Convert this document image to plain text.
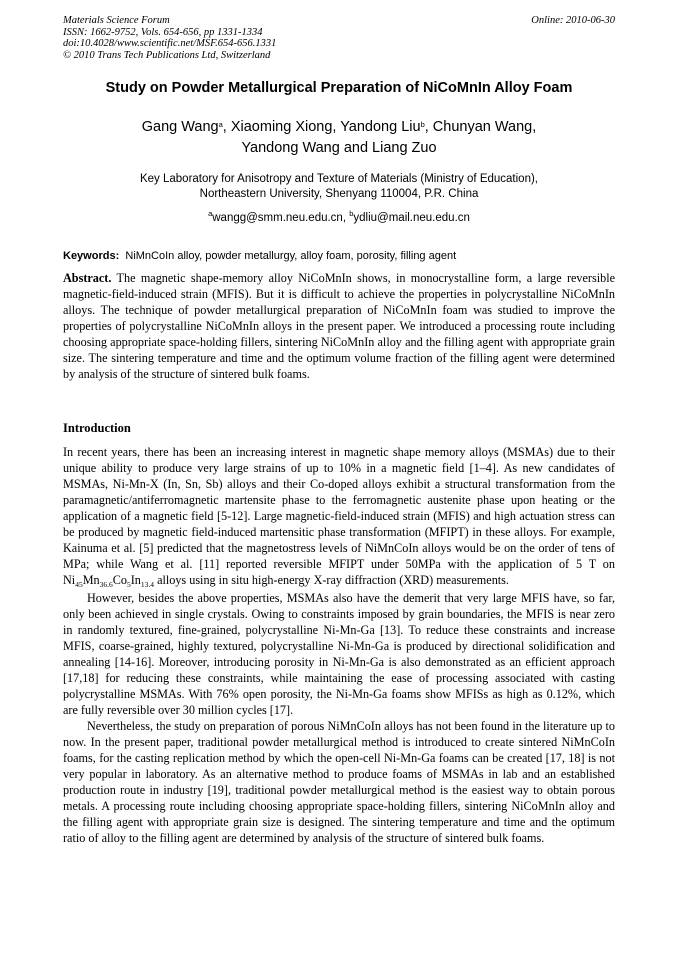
Materials Science Forum
ISSN: 1662-9752, Vols. 654-656, pp 1331-1334
doi:10.4028/www.scientific.net/MSF.654-656.1331
© 2010 Trans Tech Publications Ltd, Switzerland
Online: 2010-06-30
Study on Powder Metallurgical Preparation of NiCoMnIn Alloy Foam
Gang Wang$^a$, Xiaoming Xiong, Yandong Liu$^b$, Chunyan Wang,
Yandong Wang and Liang Zuo
Key Laboratory for Anisotropy and Texture of Materials (Ministry of Education),
Northeastern University, Shenyang 110004, P.R. China
$^a$wangg@smm.neu.edu.cn, $^b$ydliu@mail.neu.edu.cn
Keywords: NiMnCoIn alloy, powder metallurgy, alloy foam, porosity, filling agent
Abstract. The magnetic shape-memory alloy NiCoMnIn shows, in monocrystalline form, a large reversible magnetic-field-induced strain (MFIS). But it is difficult to achieve the properties in polycrystalline NiCoMnIn alloys. The technique of powder metallurgical preparation of NiCoMnIn foam was studied to improve the properties of polycrystalline NiCoMnIn alloys in the present paper. We introduced a processing route including choosing appropriate space-holding fillers, sintering NiCoMnIn alloy and the filling agent with appropriate grain size. The sintering temperature and time and the optimum volume fraction of the filling agent were determined by analysis of the structure of sintered bulk foams.
Introduction

In recent years, there has been an increasing interest in magnetic shape memory alloys (MSMAs) due to their unique ability to produce very large strains of up to 10% in a magnetic field [1–4]. As new candidates of MSMAs, Ni-Mn-X (In, Sn, Sb) alloys and their Co-doped alloys exhibit a structural transformation from the paramagnetic/antiferromagnetic martensite phase to the ferromagnetic austenite phase upon heating or the application of a magnetic field [5-12]. Large magnetic-field-induced strain (MFIS) and high actuation stress can be produced by magnetic field-induced martensitic phase transformation (MFIPT) in these alloys. For example, Kainuma et al. [5] predicted that the magnetostress levels of NiMnCoIn alloys would be on the order of tens of MPa; while Wang et al. [11] reported reversible MFIPT under 50MPa with the application of 5 T on $Ni_{45}Mn_{36.6}Co_5In_{13.4}$ alloys using in situ high-energy X-ray diffraction (XRD) measurements.

However, besides the above properties, MSMAs also have the demerit that very large MFIS have, so far, only been achieved in single crystals. Owing to constraints imposed by grain boundaries, the MFIS is near zero in randomly textured, fine-grained, polycrystalline Ni-Mn-Ga [13]. To reduce these constraints and increase MFIS, coarse-grained, highly textured, polycrystalline Ni-Mn-Ga is produced by directional solidification and annealing [14-16]. Moreover, introducing porosity in Ni-Mn-Ga is also demonstrated as an efficient approach [17,18] for reducing these constraints, while maintaining the ease of processing associated with casting polycrystalline MSMAs. With 76% open porosity, the Ni-Mn-Ga foams show MFISs as high as 0.12%, which are fully reversible over 30 million cycles [17].

Nevertheless, the study on preparation of porous NiMnCoIn alloys has not been found in the literature up to now. In the present paper, traditional powder metallurgical method is introduced to create sintered NiMnCoIn foams, for the casting replication method by which the open-cell Ni-Mn-Ga foams can be created [17, 18] is not very popular in laboratory. As an alternative method to produce foams of MSMAs in lab and an established production route in industry [19], traditional powder metallurgical method is the easiest way to obtain porous metals. A processing route including choosing appropriate space-holding fillers, sintering NiCoMnIn alloy and the filling agent with appropriate grain size is designed. The sintering temperature and time and the optimum ratio of alloy to the filling agent are determined by analysis of the structure of sintered bulk foams.
